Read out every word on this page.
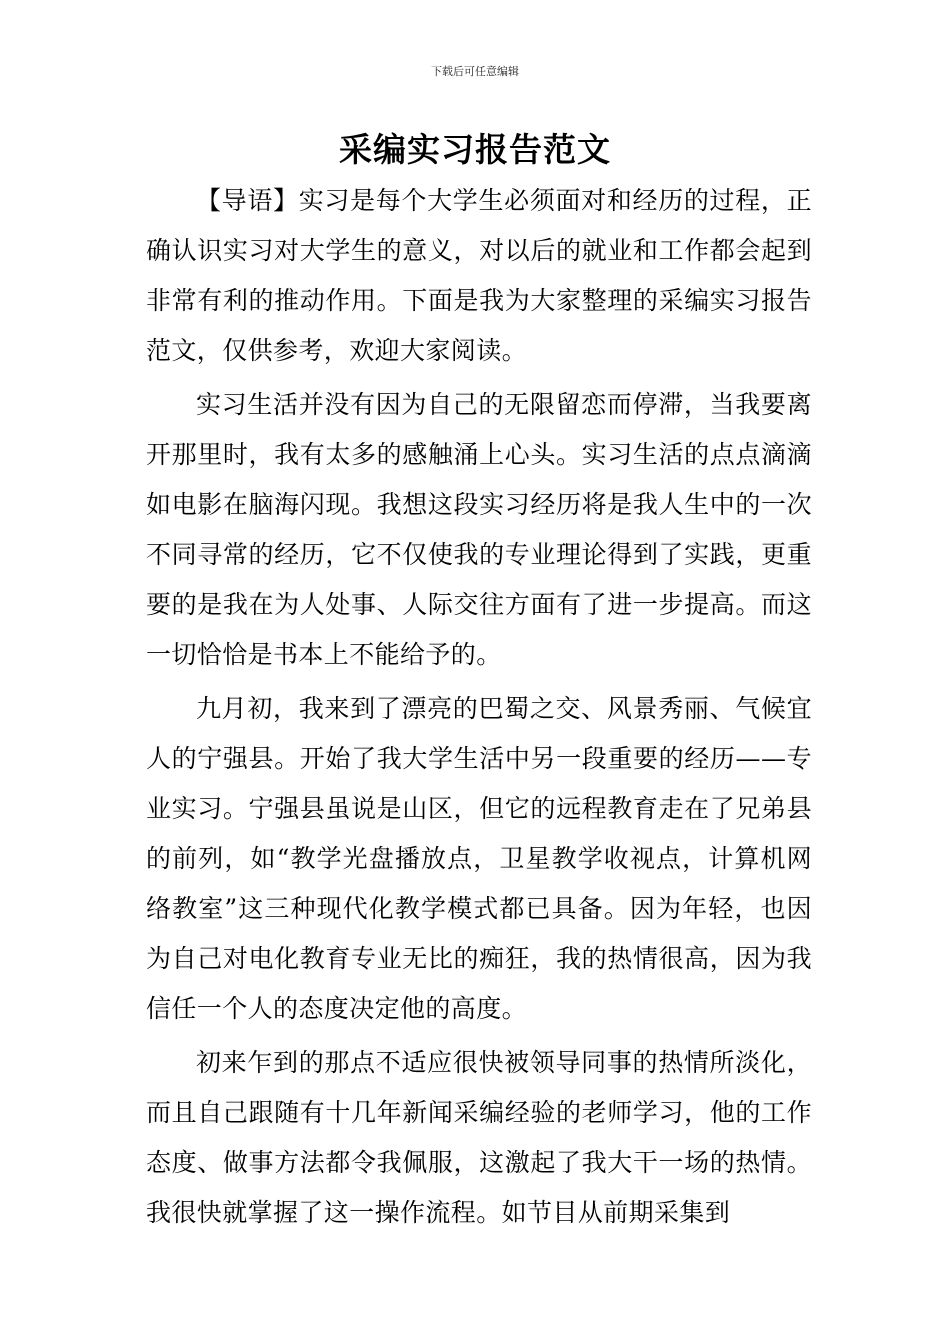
下载后可任意编辑
采编实习报告范文

【导语】实习是每个大学生必须面对和经历的过程，正确认识实习对大学生的意义，对以后的就业和工作都会起到非常有利的推动作用。下面是我为大家整理的采编实习报告范文，仅供参考，欢迎大家阅读。

实习生活并没有因为自己的无限留恋而停滞，当我要离开那里时，我有太多的感触涌上心头。实习生活的点点滴滴如电影在脑海闪现。我想这段实习经历将是我人生中的一次不同寻常的经历，它不仅使我的专业理论得到了实践，更重要的是我在为人处事、人际交往方面有了进一步提高。而这一切恰恰是书本上不能给予的。

九月初，我来到了漂亮的巴蜀之交、风景秀丽、气候宜人的宁强县。开始了我大学生活中另一段重要的经历——专业实习。宁强县虽说是山区，但它的远程教育走在了兄弟县的前列，如“教学光盘播放点，卫星教学收视点，计算机网络教室”这三种现代化教学模式都已具备。因为年轻，也因为自己对电化教育专业无比的痴狂，我的热情很高，因为我信任一个人的态度决定他的高度。

初来乍到的那点不适应很快被领导同事的热情所淡化，而且自己跟随有十几年新闻采编经验的老师学习，他的工作态度、做事方法都令我佩服，这激起了我大干一场的热情。我很快就掌握了这一操作流程。如节目从前期采集到
